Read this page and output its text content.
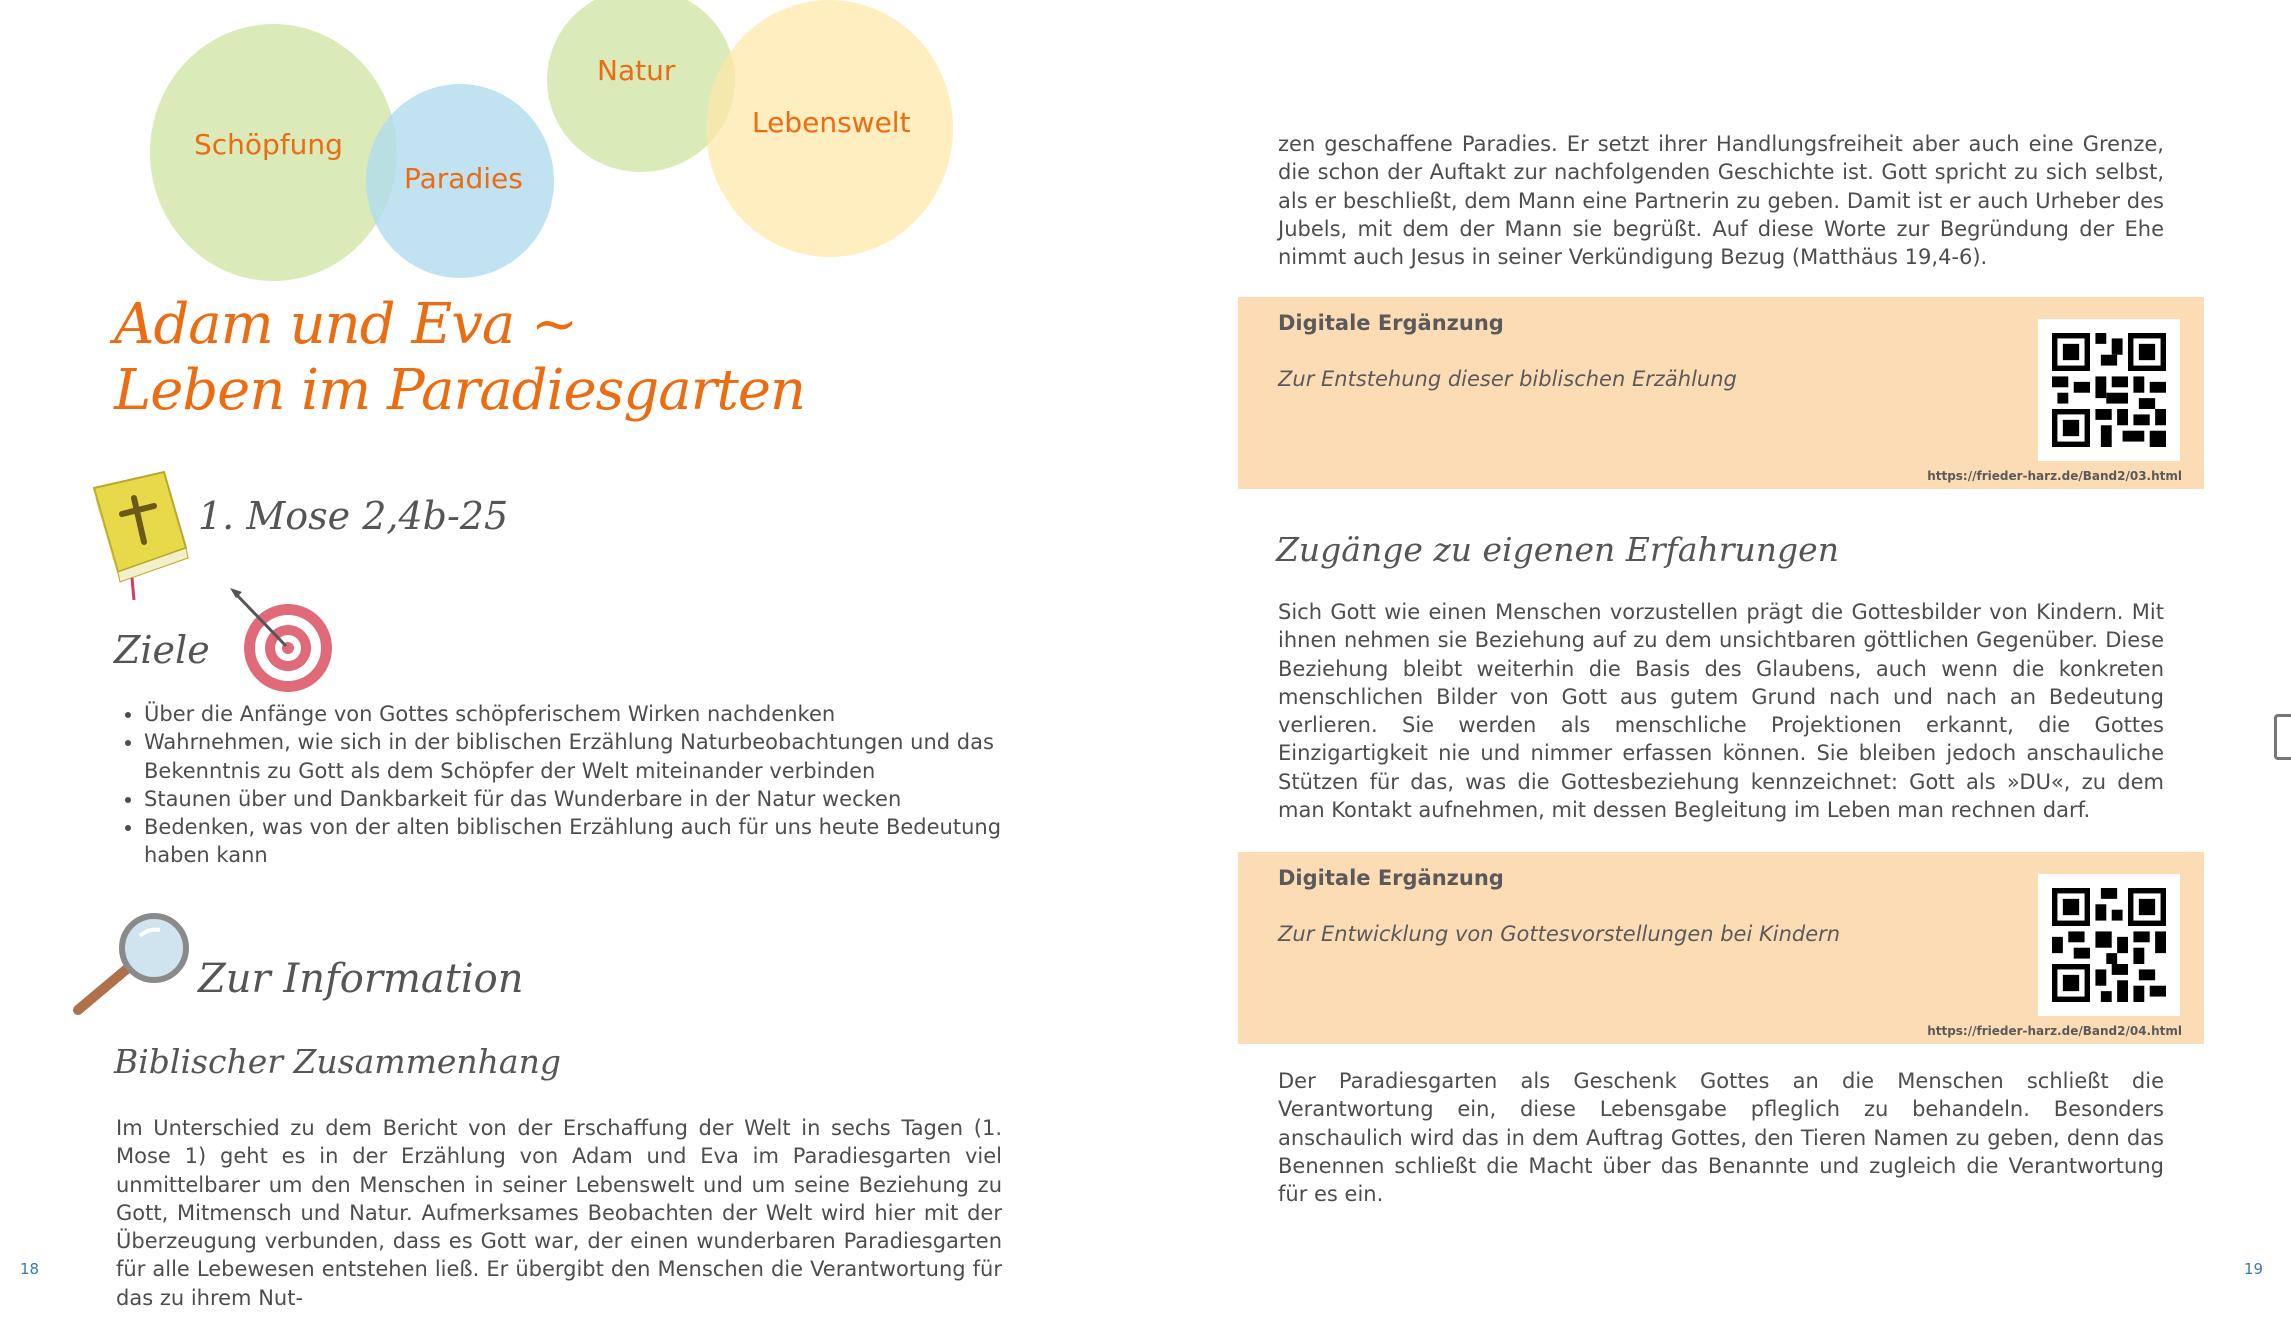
Schöpfung
Paradies
Natur
Lebenswelt
Adam und Eva ~
Leben im Paradiesgarten
1. Mose 2,4b-25
Ziele
• Über die Anfänge von Gottes schöpferischem Wirken nachdenken
• Wahrnehmen, wie sich in der biblischen Erzählung Naturbeobachtungen und das Bekenntnis zu Gott als dem Schöpfer der Welt miteinander verbinden
• Staunen über und Dankbarkeit für das Wunderbare in der Natur wecken
• Bedenken, was von der alten biblischen Erzählung auch für uns heute Bedeutung haben kann
Zur Information
Biblischer Zusammenhang
Im Unterschied zu dem Bericht von der Erschaffung der Welt in sechs Tagen (1. Mose 1) geht es in der Erzählung von Adam und Eva im Paradiesgarten viel unmittelbarer um den Menschen in seiner Lebenswelt und um seine Beziehung zu Gott, Mitmensch und Natur. Aufmerksames Beobachten der Welt wird hier mit der Überzeugung verbunden, dass es Gott war, der einen wunderbaren Paradiesgarten für alle Lebewesen entstehen ließ. Er übergibt den Menschen die Verantwortung für das zu ihrem Nut-
zen geschaffene Paradies. Er setzt ihrer Handlungsfreiheit aber auch eine Grenze, die schon der Auftakt zur nachfolgenden Geschichte ist. Gott spricht zu sich selbst, als er beschließt, dem Mann eine Partnerin zu geben. Damit ist er auch Urheber des Jubels, mit dem der Mann sie begrüßt. Auf diese Worte zur Begründung der Ehe nimmt auch Jesus in seiner Verkündigung Bezug (Matthäus 19,4-6).
Digitale Ergänzung
Zur Entstehung dieser biblischen Erzählung
https://frieder-harz.de/Band2/03.html
Zugänge zu eigenen Erfahrungen
Sich Gott wie einen Menschen vorzustellen prägt die Gottesbilder von Kindern. Mit ihnen nehmen sie Beziehung auf zu dem unsichtbaren göttlichen Gegenüber. Diese Beziehung bleibt weiterhin die Basis des Glaubens, auch wenn die konkreten menschlichen Bilder von Gott aus gutem Grund nach und nach an Bedeutung verlieren. Sie werden als menschliche Projektionen erkannt, die Gottes Einzigartigkeit nie und nimmer erfassen können. Sie bleiben jedoch anschauliche Stützen für das, was die Gottesbeziehung kennzeichnet: Gott als »DU«, zu dem man Kontakt aufnehmen, mit dessen Begleitung im Leben man rechnen darf.
Digitale Ergänzung
Zur Entwicklung von Gottesvorstellungen bei Kindern
https://frieder-harz.de/Band2/04.html
Der Paradiesgarten als Geschenk Gottes an die Menschen schließt die Verantwortung ein, diese Lebensgabe pfleglich zu behandeln. Besonders anschaulich wird das in dem Auftrag Gottes, den Tieren Namen zu geben, denn das Benennen schließt die Macht über das Benannte und zugleich die Verantwortung für es ein.
18	19
